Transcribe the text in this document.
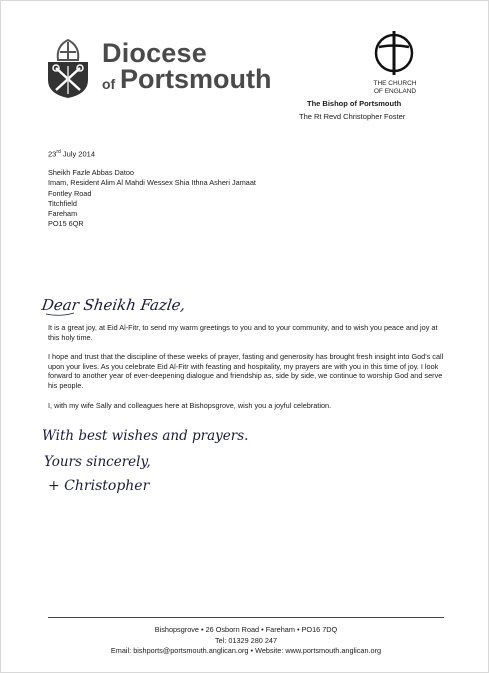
Diocese
of Portsmouth	THE CHURCH
OF ENGLAND
The Bishop of Portsmouth
The Rt Revd Christopher Foster
23rd July 2014
Sheikh Fazle Abbas Datoo
Imam, Resident Alim Al Mahdi Wessex Shia Ithna Asheri Jamaat
Fontley Road
Titchfield
Fareham
PO15 6QR
Dear Sheikh Fazle,

It is a great joy, at Eid Al-Fitr, to send my warm greetings to you and to your community, and to wish you peace and joy at this holy time.

I hope and trust that the discipline of these weeks of prayer, fasting and generosity has brought fresh insight into God's call upon your lives. As you celebrate Eid Al-Fitr with feasting and hospitality, my prayers are with you in this time of joy. I look forward to another year of ever-deepening dialogue and friendship as, side by side, we continue to worship God and serve his people.

I, with my wife Sally and colleagues here at Bishopsgrove, wish you a joyful celebration.

With best wishes and prayers.
Yours sincerely,
+ Christopher
Bishopsgrove • 26 Osborn Road • Fareham • PO16 7DQ
Tel: 01329 280 247
Email: bishports@portsmouth.anglican.org • Website: www.portsmouth.anglican.org
